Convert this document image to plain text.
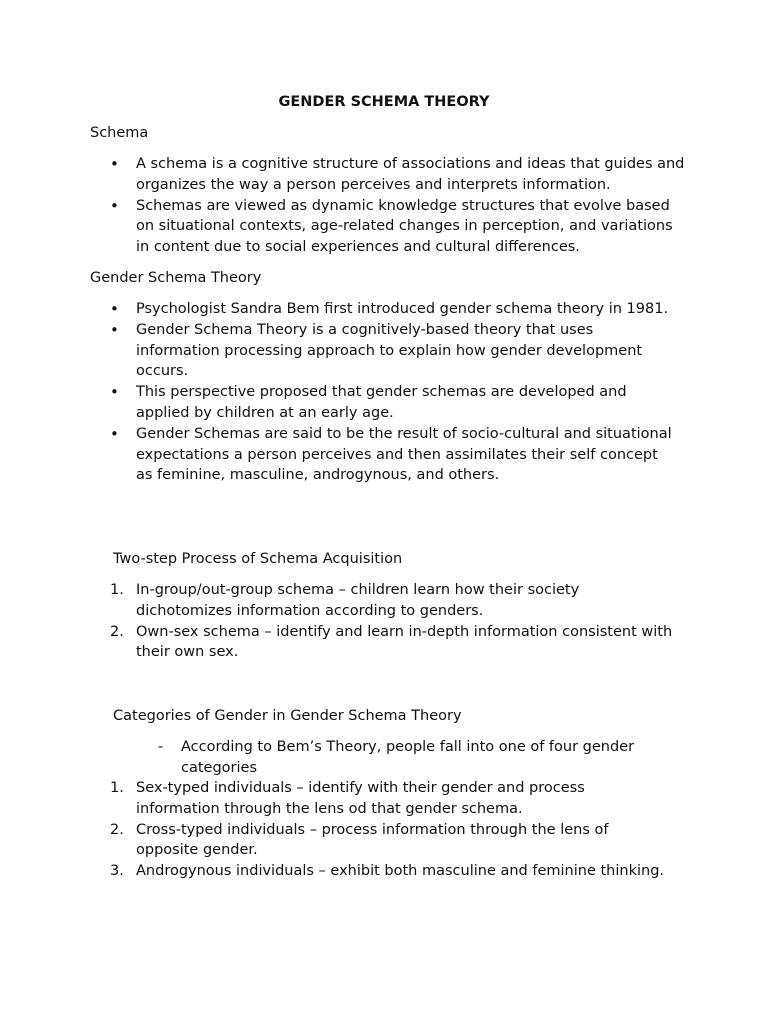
GENDER SCHEMA THEORY
Schema
•	A schema is a cognitive structure of associations and ideas that guides and organizes the way a person perceives and interprets information.
•	Schemas are viewed as dynamic knowledge structures that evolve based on situational contexts, age-related changes in perception, and variations in content due to social experiences and cultural differences.
Gender Schema Theory
•	Psychologist Sandra Bem first introduced gender schema theory in 1981.
•	Gender Schema Theory is a cognitively-based theory that uses information processing approach to explain how gender development occurs.
•	This perspective proposed that gender schemas are developed and applied by children at an early age.
•	Gender Schemas are said to be the result of socio-cultural and situational expectations a person perceives and then assimilates their self concept as feminine, masculine, androgynous, and others.
Two-step Process of Schema Acquisition
1. In-group/out-group schema – children learn how their society dichotomizes information according to genders.
2. Own-sex schema – identify and learn in-depth information consistent with their own sex.
Categories of Gender in Gender Schema Theory
-	According to Bem’s Theory, people fall into one of four gender categories
1. Sex-typed individuals – identify with their gender and process information through the lens od that gender schema.
2. Cross-typed individuals – process information through the lens of opposite gender.
3. Androgynous individuals – exhibit both masculine and feminine thinking.
